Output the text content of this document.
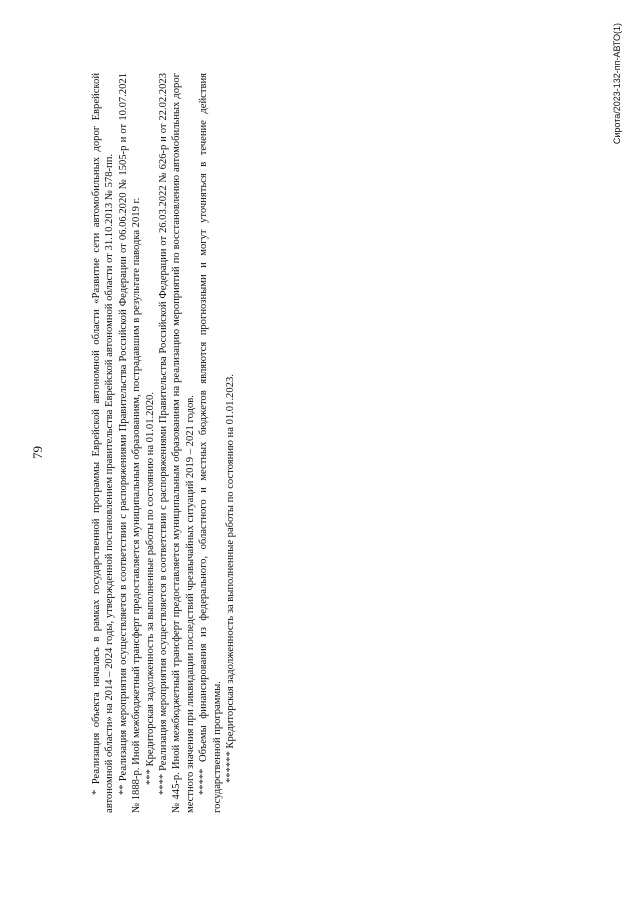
79	* Реализация объекта началась в рамках государственной программы Еврейской автономной области «Развитие сети автомобильных дорог Еврейской автономной области» на 2014 – 2024 годы, утвержденной постановлением правительства Еврейской автономной области от 31.10.2013 № 578-пп. ** Реализация мероприятия осуществляется в соответствии с распоряжениями Правительства Российской Федерации от 06.06.2020 № 1505-р и от 10.07.2021 № 1888-р. Иной межбюджетный трансферт предоставляется муниципальным образованиям, пострадавшим в результате паводка 2019 г. *** Кредиторская задолженность за выполненные работы по состоянию на 01.01.2020. **** Реализация мероприятия осуществляется в соответствии с распоряжениями Правительства Российской Федерации от 26.03.2022 № 626-р и от 22.02.2023 № 445-р. Иной межбюджетный трансферт предоставляется муниципальным образованиям на реализацию мероприятий по восстановлению автомобильных дорог местного значения при ликвидации последствий чрезвычайных ситуаций 2019 – 2021 годов. ***** Объемы финансирования из федерального, областного и местных бюджетов являются прогнозными и могут уточняться в течение действия государственной программы. ****** Кредиторская задолженность за выполненные работы по состоянию на 01.01.2023.

Сирота/2023-132-пп-АВТО(1)
